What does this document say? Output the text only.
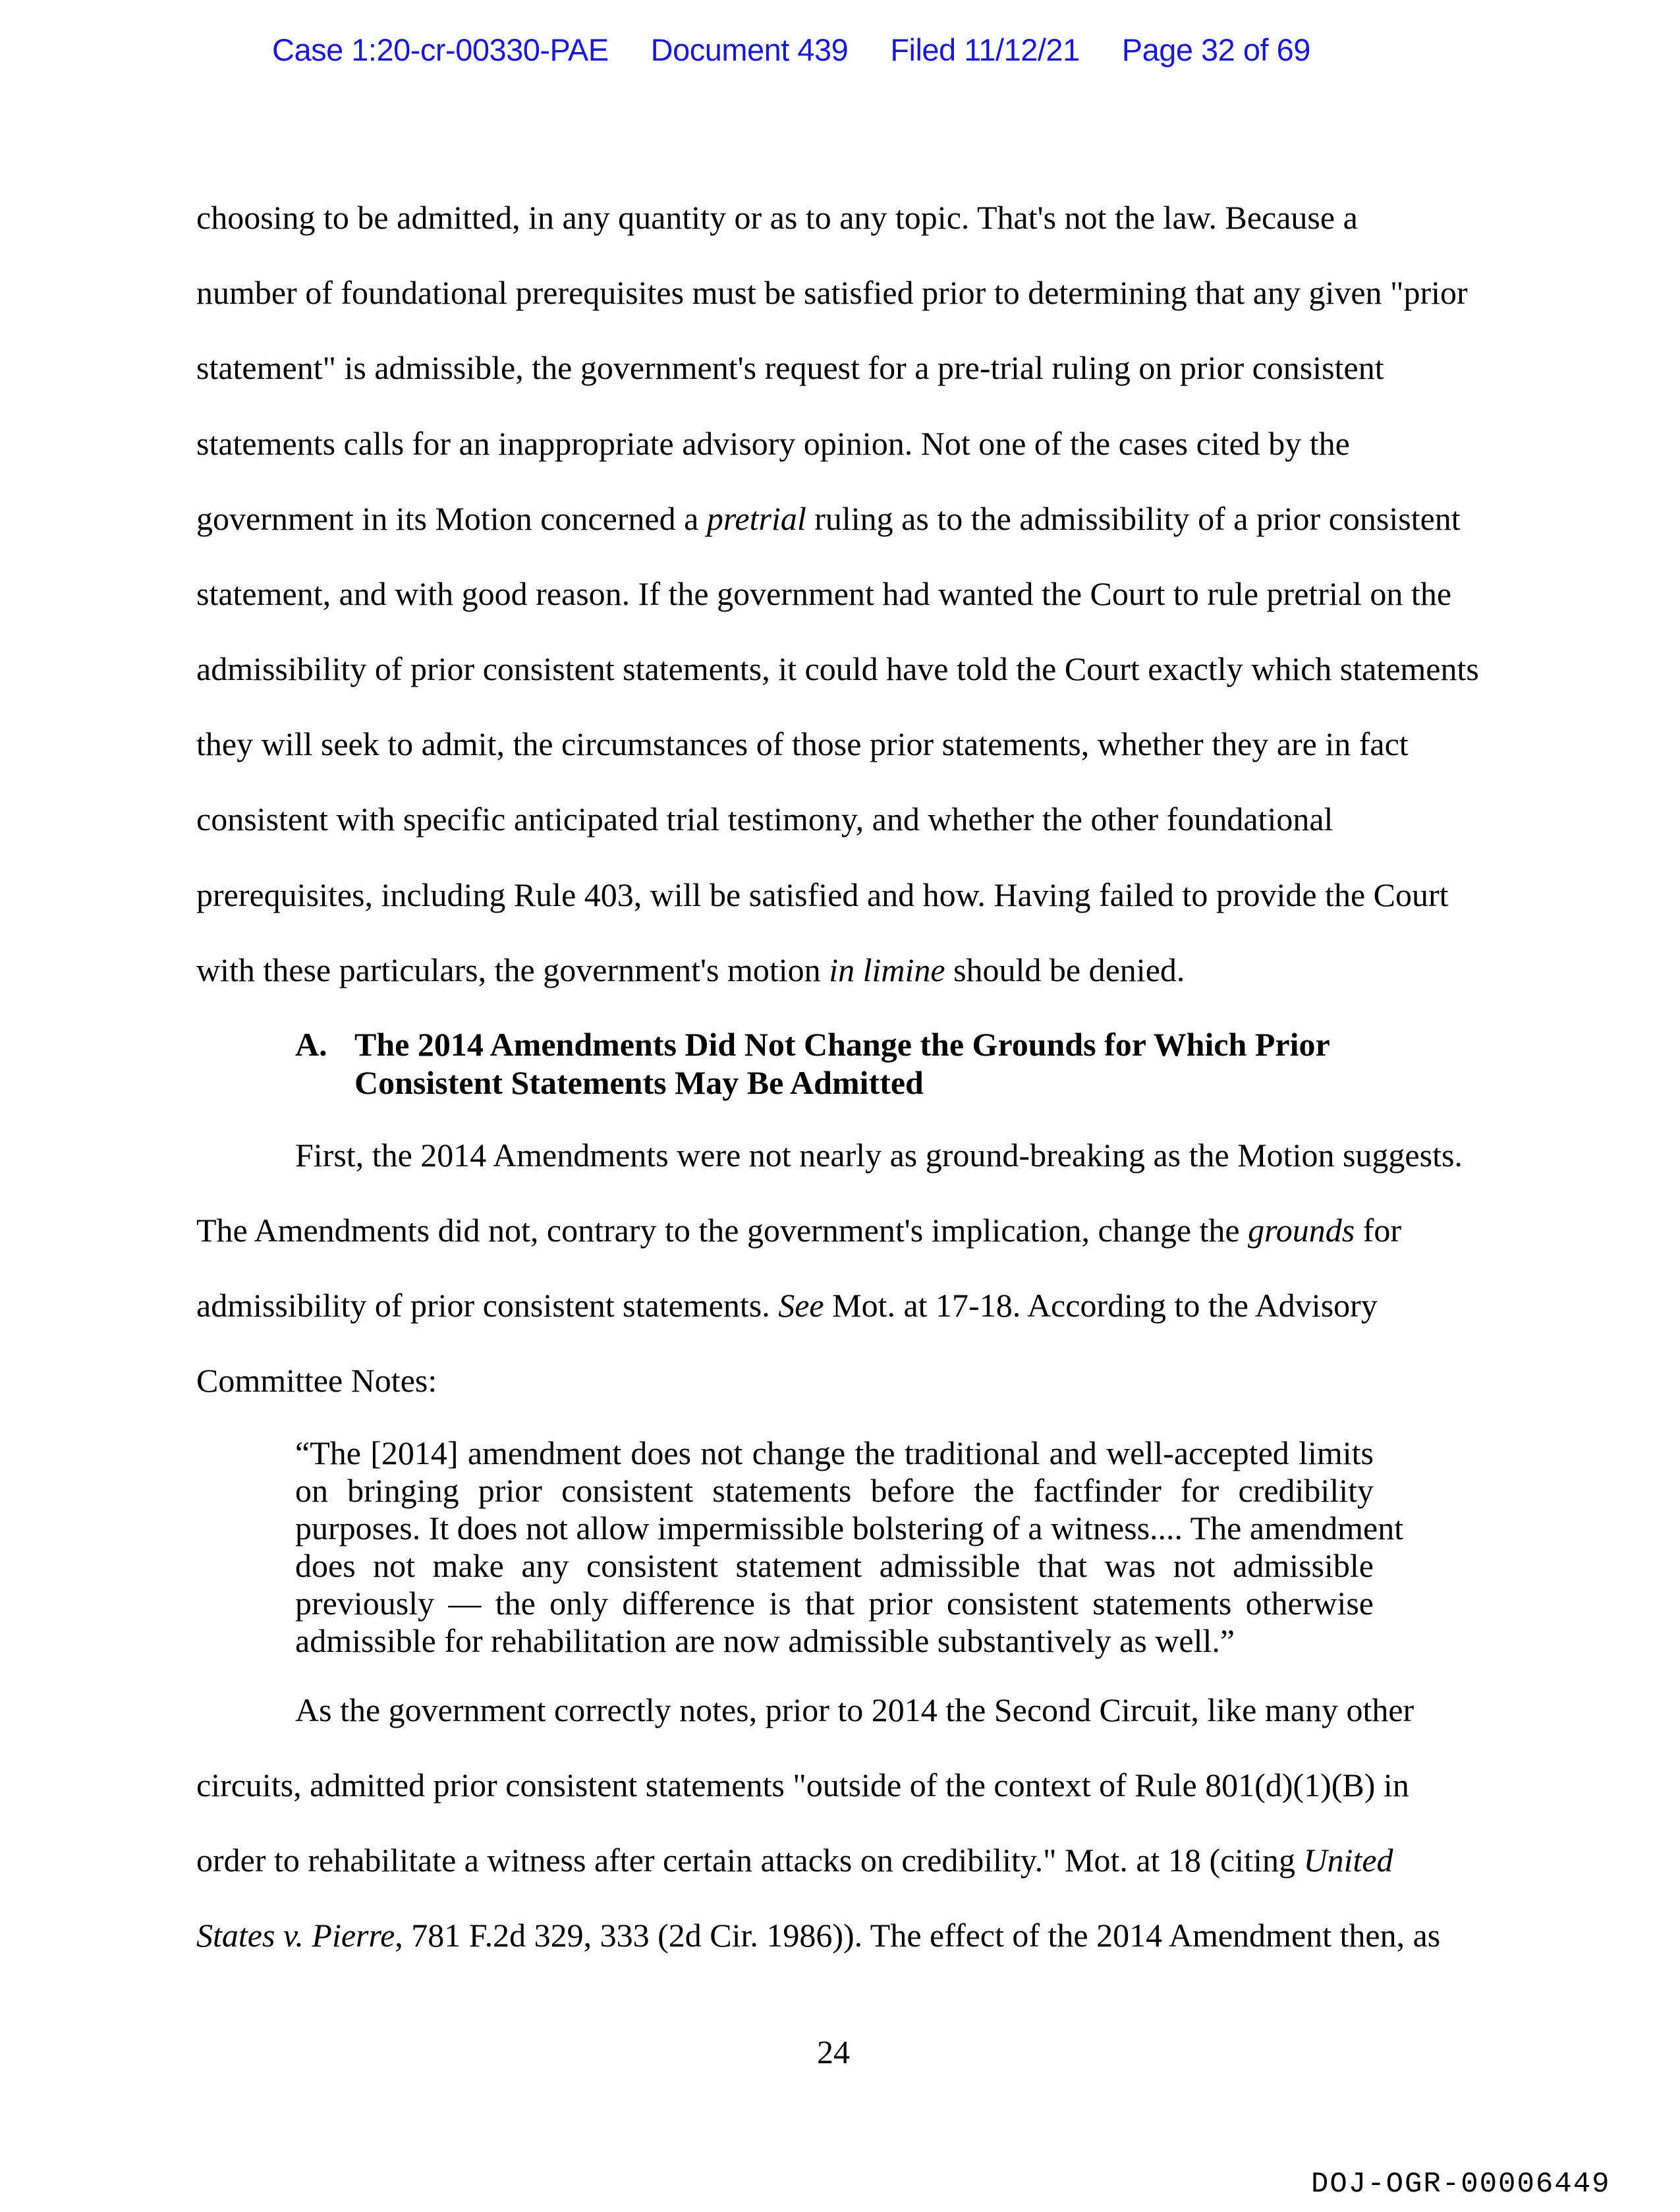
Case 1:20-cr-00330-PAE Document 439 Filed 11/12/21 Page 32 of 69
choosing to be admitted, in any quantity or as to any topic. That's not the law. Because a
number of foundational prerequisites must be satisfied prior to determining that any given "prior
statement" is admissible, the government's request for a pre-trial ruling on prior consistent
statements calls for an inappropriate advisory opinion. Not one of the cases cited by the
government in its Motion concerned a pretrial ruling as to the admissibility of a prior consistent
statement, and with good reason. If the government had wanted the Court to rule pretrial on the
admissibility of prior consistent statements, it could have told the Court exactly which statements
they will seek to admit, the circumstances of those prior statements, whether they are in fact
consistent with specific anticipated trial testimony, and whether the other foundational
prerequisites, including Rule 403, will be satisfied and how. Having failed to provide the Court
with these particulars, the government's motion in limine should be denied.
A. The 2014 Amendments Did Not Change the Grounds for Which Prior
Consistent Statements May Be Admitted
First, the 2014 Amendments were not nearly as ground-breaking as the Motion suggests.
The Amendments did not, contrary to the government's implication, change the grounds for
admissibility of prior consistent statements. See Mot. at 17-18. According to the Advisory
Committee Notes:
“The [2014] amendment does not change the traditional and well-accepted limits
on bringing prior consistent statements before the factfinder for credibility
purposes. It does not allow impermissible bolstering of a witness.... The amendment
does not make any consistent statement admissible that was not admissible
previously — the only difference is that prior consistent statements otherwise
admissible for rehabilitation are now admissible substantively as well.”
As the government correctly notes, prior to 2014 the Second Circuit, like many other
circuits, admitted prior consistent statements "outside of the context of Rule 801(d)(1)(B) in
order to rehabilitate a witness after certain attacks on credibility." Mot. at 18 (citing United
States v. Pierre, 781 F.2d 329, 333 (2d Cir. 1986)). The effect of the 2014 Amendment then, as
24
DOJ-OGR-00006449
